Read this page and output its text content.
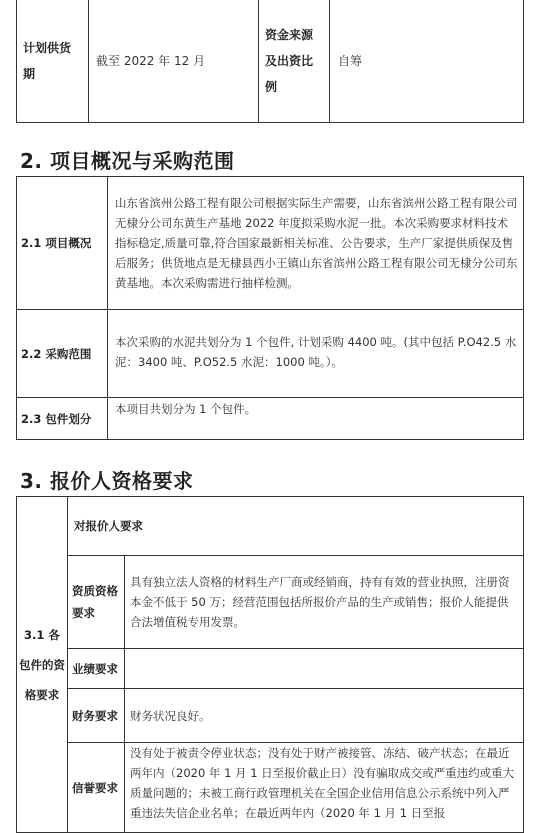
计划供货期	截至 2022 年 12 月	资金来源及出资比例	自筹
2. 项目概况与采购范围
2.1 项目概况	山东省滨州公路工程有限公司根据实际生产需要，山东省滨州公路工程有限公司无棣分公司东黄生产基地 2022 年度拟采购水泥一批。本次采购要求材料技术指标稳定,质量可靠,符合国家最新相关标准、公告要求，生产厂家提供质保及售后服务；供货地点是无棣县西小王镇山东省滨州公路工程有限公司无棣分公司东黄基地。本次采购需进行抽样检测。
2.2 采购范围	本次采购的水泥共划分为 1 个包件, 计划采购 4400 吨。(其中包括 P.O42.5 水泥：3400 吨、P.O52.5 水泥：1000 吨。）。
2.3 包件划分	本项目共划分为 1 个包件。
3. 报价人资格要求
3.1 各包件的资格要求	对报价人要求	
	资质资格要求	具有独立法人资格的材料生产厂商或经销商，持有有效的营业执照，注册资本金不低于 50 万；经营范围包括所报价产品的生产或销售；报价人能提供合法增值税专用发票。
	业绩要求	
	财务要求	财务状况良好。
	信誉要求	没有处于被责令停业状态；没有处于财产被接管、冻结、破产状态；在最近两年内（2020 年 1 月 1 日至报价截止日）没有骗取成交或严重违约或重大质量问题的；未被工商行政管理机关在全国企业信用信息公示系统中列入严重违法失信企业名单；在最近两年内（2020 年 1 月 1 日至报
